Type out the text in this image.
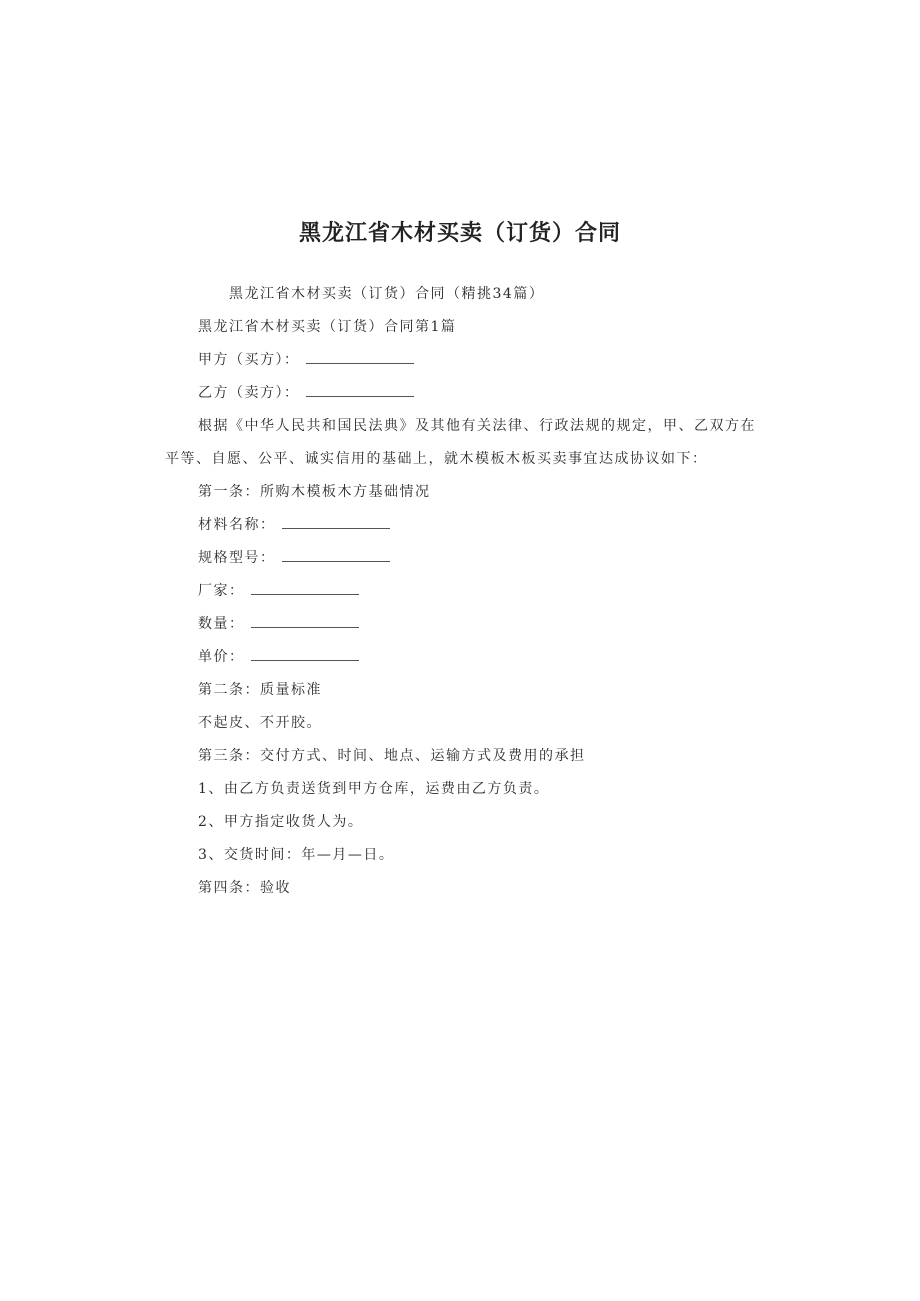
黑龙江省木材买卖（订货）合同
黑龙江省木材买卖（订货）合同（精挑34篇）
黑龙江省木材买卖（订货）合同第1篇
甲方（买方）：
乙方（卖方）：
根据《中华人民共和国民法典》及其他有关法律、行政法规的规定，甲、乙双方在
平等、自愿、公平、诚实信用的基础上，就木模板木板买卖事宜达成协议如下：
第一条：所购木模板木方基础情况
材料名称：
规格型号：
厂家：
数量：
单价：
第二条：质量标准
不起皮、不开胶。
第三条：交付方式、时间、地点、运输方式及费用的承担
1、由乙方负责送货到甲方仓库，运费由乙方负责。
2、甲方指定收货人为。
3、交货时间：年—月—日。
第四条：验收
